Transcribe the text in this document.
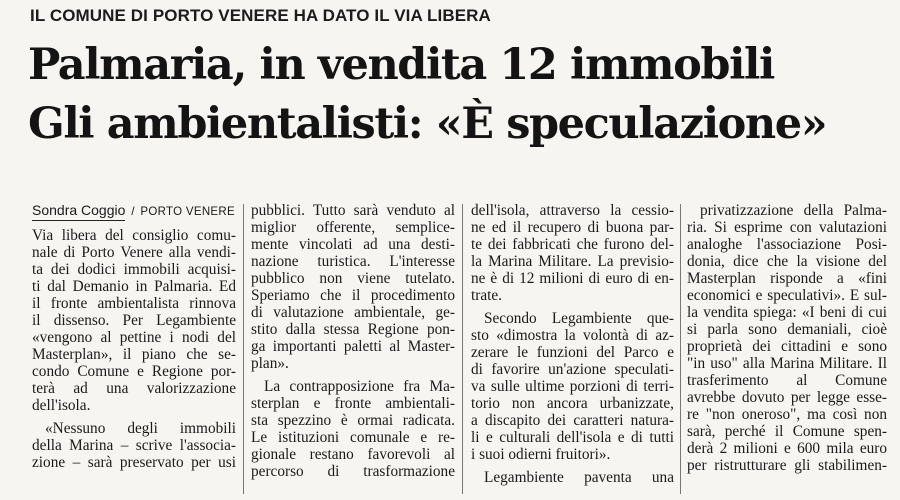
IL COMUNE DI PORTO VENERE HA DATO IL VIA LIBERA
Palmaria, in vendita 12 immobili
Gli ambientalisti: «È speculazione»
Sondra Coggio / PORTO VENERE
Via libera del consiglio comu-
nale di Porto Venere alla vendi-
ta dei dodici immobili acquisi-
ti dal Demanio in Palmaria. Ed
il fronte ambientalista rinnova
il dissenso. Per Legambiente
«vengono al pettine i nodi del
Masterplan», il piano che se-
condo Comune e Regione por-
terà ad una valorizzazione
dell'isola.
«Nessuno degli immobili
della Marina – scrive l'associa-
zione – sarà preservato per usi
pubblici. Tutto sarà venduto al
miglior offerente, semplice-
mente vincolati ad una desti-
nazione turistica. L'interesse
pubblico non viene tutelato.
Speriamo che il procedimento
di valutazione ambientale, ge-
stito dalla stessa Regione pon-
ga importanti paletti al Master-
plan».
La contrapposizione fra Ma-
sterplan e fronte ambientali-
sta spezzino è ormai radicata.
Le istituzioni comunale e re-
gionale restano favorevoli al
percorso di trasformazione
dell'isola, attraverso la cessio-
ne ed il recupero di buona par-
te dei fabbricati che furono del-
la Marina Militare. La previsio-
ne è di 12 milioni di euro di en-
trate.
Secondo Legambiente que-
sto «dimostra la volontà di az-
zerare le funzioni del Parco e
di favorire un'azione speculati-
va sulle ultime porzioni di terri-
torio non ancora urbanizzate,
a discapito dei caratteri natura-
li e culturali dell'isola e di tutti
i suoi odierni fruitori».
Legambiente paventa una
privatizzazione della Palma-
ria. Si esprime con valutazioni
analoghe l'associazione Posi-
donia, dice che la visione del
Masterplan risponde a «fini
economici e speculativi». E sul-
la vendita spiega: «I beni di cui
si parla sono demaniali, cioè
proprietà dei cittadini e sono
"in uso" alla Marina Militare. Il
trasferimento al Comune
avrebbe dovuto per legge esse-
re "non oneroso", ma così non
sarà, perché il Comune spen-
derà 2 milioni e 600 mila euro
per ristrutturare gli stabilimen-
